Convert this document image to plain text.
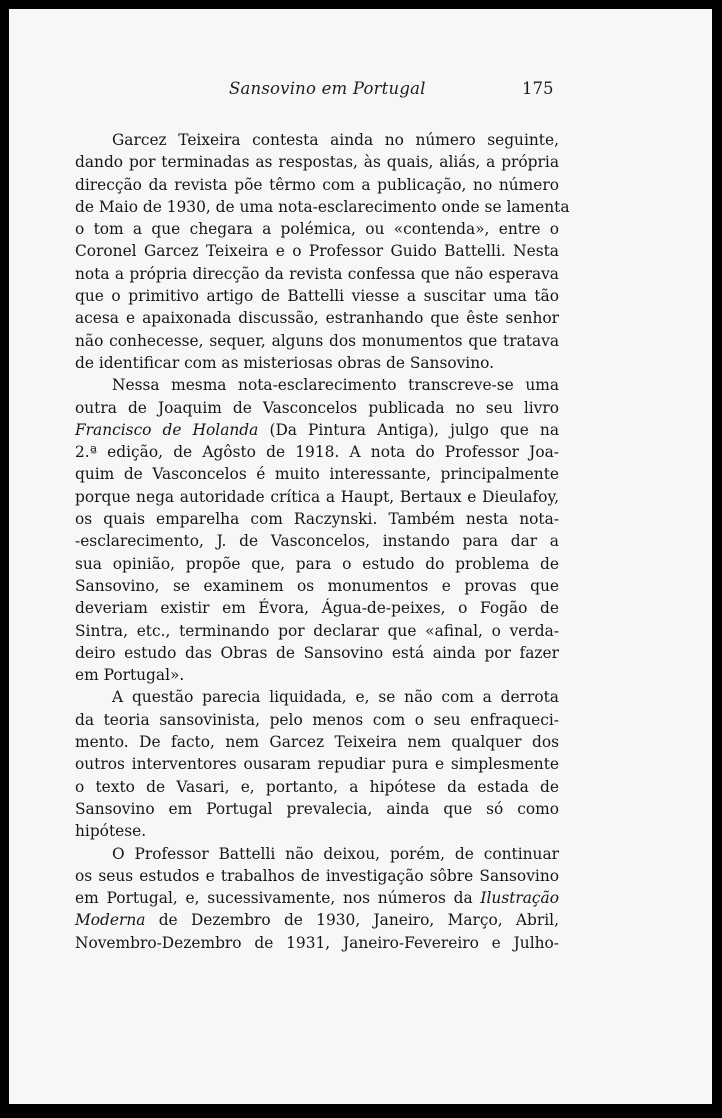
Sansovino em Portugal	175
Garcez Teixeira contesta ainda no número seguinte,
dando por terminadas as respostas, às quais, aliás, a própria
direcção da revista põe têrmo com a publicação, no número
de Maio de 1930, de uma nota-esclarecimento onde se lamenta
o tom a que chegara a polémica, ou «contenda», entre o
Coronel Garcez Teixeira e o Professor Guido Battelli. Nesta
nota a própria direcção da revista confessa que não esperava
que o primitivo artigo de Battelli viesse a suscitar uma tão
acesa e apaixonada discussão, estranhando que êste senhor
não conhecesse, sequer, alguns dos monumentos que tratava
de identificar com as misteriosas obras de Sansovino.
Nessa mesma nota-esclarecimento transcreve-se uma
outra de Joaquim de Vasconcelos publicada no seu livro
Francisco de Holanda (Da Pintura Antiga), julgo que na
2.ª edição, de Agôsto de 1918. A nota do Professor Joa-
quim de Vasconcelos é muito interessante, principalmente
porque nega autoridade crítica a Haupt, Bertaux e Dieulafoy,
os quais emparelha com Raczynski. Também nesta nota-
-esclarecimento, J. de Vasconcelos, instando para dar a
sua opinião, propõe que, para o estudo do problema de
Sansovino, se examinem os monumentos e provas que
deveriam existir em Évora, Água-de-peixes, o Fogão de
Sintra, etc., terminando por declarar que «afinal, o verda-
deiro estudo das Obras de Sansovino está ainda por fazer
em Portugal».
A questão parecia liquidada, e, se não com a derrota
da teoria sansovinista, pelo menos com o seu enfraqueci-
mento. De facto, nem Garcez Teixeira nem qualquer dos
outros interventores ousaram repudiar pura e simplesmente
o texto de Vasari, e, portanto, a hipótese da estada de
Sansovino em Portugal prevalecia, ainda que só como
hipótese.
O Professor Battelli não deixou, porém, de continuar
os seus estudos e trabalhos de investigação sôbre Sansovino
em Portugal, e, sucessivamente, nos números da Ilustração
Moderna de Dezembro de 1930, Janeiro, Março, Abril,
Novembro-Dezembro de 1931, Janeiro-Fevereiro e Julho-
